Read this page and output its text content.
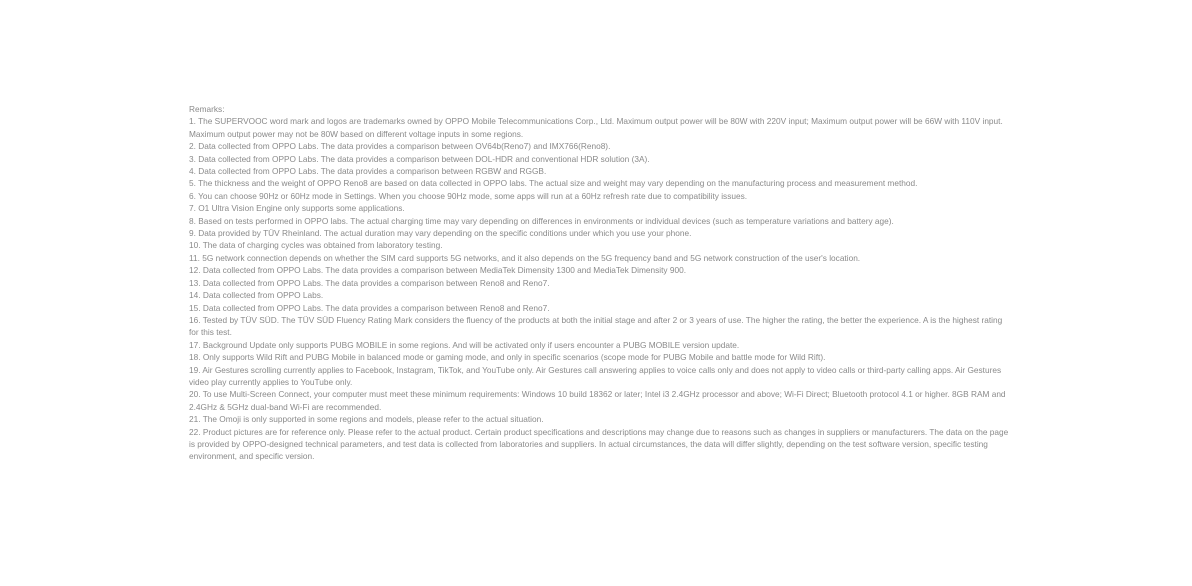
Remarks:

1. The SUPERVOOC word mark and logos are trademarks owned by OPPO Mobile Telecommunications Corp., Ltd. Maximum output power will be 80W with 220V input; Maximum output power will be 66W with 110V input. Maximum output power may not be 80W based on different voltage inputs in some regions.

2. Data collected from OPPO Labs. The data provides a comparison between OV64b(Reno7) and IMX766(Reno8).

3. Data collected from OPPO Labs. The data provides a comparison between DOL-HDR and conventional HDR solution (3A).

4. Data collected from OPPO Labs. The data provides a comparison between RGBW and RGGB.

5. The thickness and the weight of OPPO Reno8 are based on data collected in OPPO labs. The actual size and weight may vary depending on the manufacturing process and measurement method.

6. You can choose 90Hz or 60Hz mode in Settings. When you choose 90Hz mode, some apps will run at a 60Hz refresh rate due to compatibility issues.

7. O1 Ultra Vision Engine only supports some applications.

8. Based on tests performed in OPPO labs. The actual charging time may vary depending on differences in environments or individual devices (such as temperature variations and battery age).

9. Data provided by TÜV Rheinland. The actual duration may vary depending on the specific conditions under which you use your phone.

10. The data of charging cycles was obtained from laboratory testing.

11. 5G network connection depends on whether the SIM card supports 5G networks, and it also depends on the 5G frequency band and 5G network construction of the user's location.

12. Data collected from OPPO Labs. The data provides a comparison between MediaTek Dimensity 1300 and MediaTek Dimensity 900.

13. Data collected from OPPO Labs. The data provides a comparison between Reno8 and Reno7.

14. Data collected from OPPO Labs.

15. Data collected from OPPO Labs. The data provides a comparison between Reno8 and Reno7.

16. Tested by TÜV SÜD. The TÜV SÜD Fluency Rating Mark considers the fluency of the products at both the initial stage and after 2 or 3 years of use. The higher the rating, the better the experience. A is the highest rating for this test.

17. Background Update only supports PUBG MOBILE in some regions. And will be activated only if users encounter a PUBG MOBILE version update.

18. Only supports Wild Rift and PUBG Mobile in balanced mode or gaming mode, and only in specific scenarios (scope mode for PUBG Mobile and battle mode for Wild Rift).

19. Air Gestures scrolling currently applies to Facebook, Instagram, TikTok, and YouTube only. Air Gestures call answering applies to voice calls only and does not apply to video calls or third-party calling apps. Air Gestures video play currently applies to YouTube only.

20. To use Multi-Screen Connect, your computer must meet these minimum requirements: Windows 10 build 18362 or later; Intel i3 2.4GHz processor and above; Wi-Fi Direct; Bluetooth protocol 4.1 or higher. 8GB RAM and 2.4GHz & 5GHz dual-band Wi-Fi are recommended.

21. The Omoji is only supported in some regions and models, please refer to the actual situation.

22. Product pictures are for reference only. Please refer to the actual product. Certain product specifications and descriptions may change due to reasons such as changes in suppliers or manufacturers. The data on the page is provided by OPPO-designed technical parameters, and test data is collected from laboratories and suppliers. In actual circumstances, the data will differ slightly, depending on the test software version, specific testing environment, and specific version.
